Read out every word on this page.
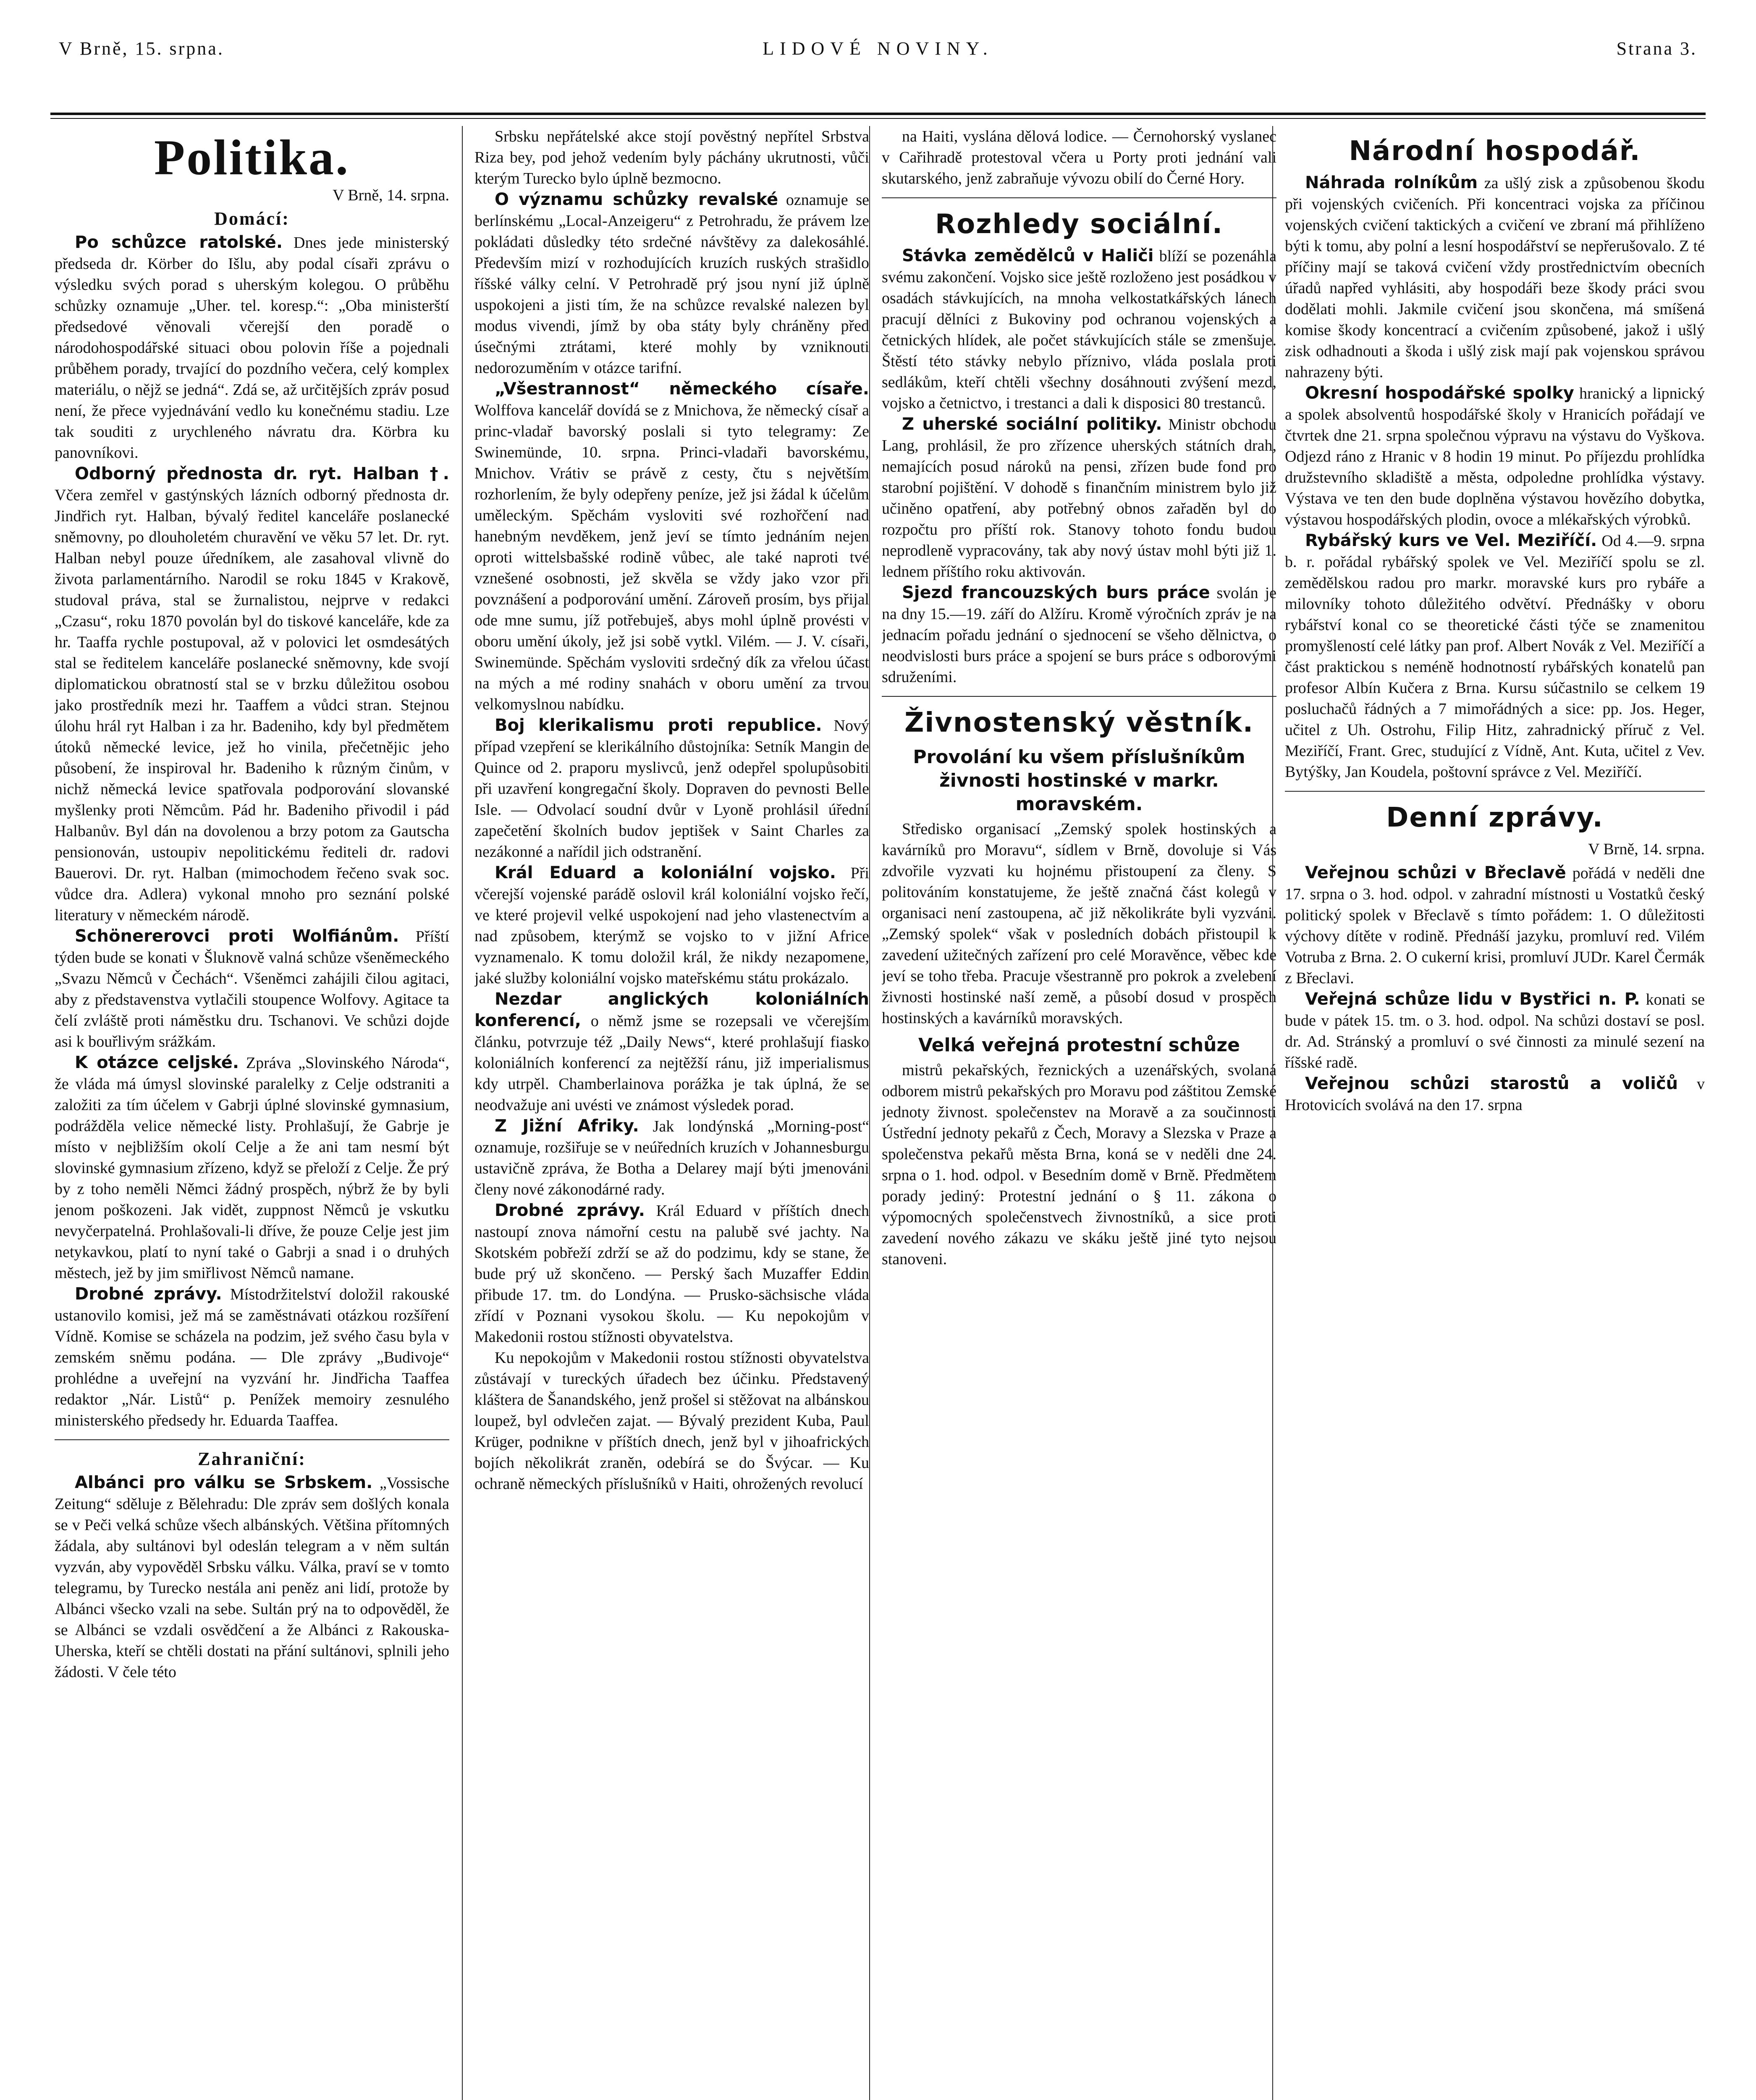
V Brně, 15. srpna.	LIDOVÉ NOVINY.	Strana 3.
Politika.
V Brně, 14. srpna.
Domácí:

Po schůzce ratolské. Dnes jede ministerský předseda dr. Körber do Išlu, aby podal císaři zprávu o výsledku svých porad s uherským kolegou. O průběhu schůzky oznamuje „Uher. tel. koresp.“: „Oba ministerští předsedové věnovali včerejší den poradě o národohospodářské situaci obou polovin říše a pojednali průběhem porady, trvající do pozdního večera, celý komplex materiálu, o nějž se jedná“. Zdá se, až určitějších zpráv posud není, že přece vyjednávání vedlo ku konečnému stadiu. Lze tak souditi z urychleného návratu dra. Körbra ku panovníkovi.

Odborný přednosta dr. ryt. Halban †. Včera zemřel v gastýnských lázních odborný přednosta dr. Jindřich ryt. Halban, bývalý ředitel kanceláře poslanecké sněmovny, po dlouholetém churavění ve věku 57 let. Dr. ryt. Halban nebyl pouze úředníkem, ale zasahoval vlivně do života parlamentárního. Narodil se roku 1845 v Krakově, studoval práva, stal se žurnalistou, nejprve v redakci „Czasu“, roku 1870 povolán byl do tiskové kanceláře, kde za hr. Taaffa rychle postupoval, až v polovici let osmdesátých stal se ředitelem kanceláře poslanecké sněmovny, kde svojí diplomatickou obratností stal se v brzku důležitou osobou jako prostředník mezi hr. Taaffem a vůdci stran. Stejnou úlohu hrál ryt Halban i za hr. Badeniho, kdy byl předmětem útoků německé levice, jež ho vinila, přečetnějic jeho působení, že inspiroval hr. Badeniho k různým činům, v nichž německá levice spatřovala podporování slovanské myšlenky proti Němcům. Pád hr. Badeniho přivodil i pád Halbanův. Byl dán na dovolenou a brzy potom za Gautscha pensionován, ustoupiv nepolitickému řediteli dr. radovi Bauerovi. Dr. ryt. Halban (mimochodem řečeno svak soc. vůdce dra. Adlera) vykonal mnoho pro seznání polské literatury v německém národě.

Schönererovci proti Wolfiánům. Příští týden bude se konati v Šluknově valná schůze všeněmeckého „Svazu Němců v Čechách“. Všeněmci zahájili čilou agitaci, aby z představenstva vytlačili stoupence Wolfovy. Agitace ta čelí zvláště proti náměstku dru. Tschanovi. Ve schůzi dojde asi k bouřlivým srážkám.

K otázce celjské. Zpráva „Slovinského Národa“, že vláda má úmysl slovinské paralelky z Celje odstraniti a založiti za tím účelem v Gabrji úplné slovinské gymnasium, podrážděla velice německé listy. Prohlašují, že Gabrje je místo v nejbližším okolí Celje a že ani tam nesmí být slovinské gymnasium zřízeno, když se přeloží z Celje. Že prý by z toho neměli Němci žádný prospěch, nýbrž že by byli jenom poškozeni. Jak vidět, zuppnost Němců je vskutku nevyčerpatelná. Prohlašovali-li dříve, že pouze Celje jest jim netykavkou, platí to nyní také o Gabrji a snad i o druhých městech, jež by jim smiřlivost Němců namane.

Drobné zprávy. Místodržitelství doložil rakouské ustanovilo komisi, jež má se zaměstnávati otázkou rozšíření Vídně. Komise se scházela na podzim, jež svého času byla v zemském sněmu podána. — Dle zprávy „Budivoje“ prohlédne a uveřejní na vyzvání hr. Jindřicha Taaffea redaktor „Nár. Listů“ p. Penížek memoiry zesnulého ministerského předsedy hr. Eduarda Taaffea.

Zahraniční:

Albánci pro válku se Srbskem. „Vossische Zeitung“ sděluje z Bělehradu: Dle zpráv sem došlých konala se v Peči velká schůze všech albánských. Většina přítomných žádala, aby sultánovi byl odeslán telegram a v něm sultán vyzván, aby vypověděl Srbsku válku. Válka, praví se v tomto telegramu, by Turecko nestála ani peněz ani lidí, protože by Albánci všecko vzali na sebe. Sultán prý na to odpověděl, že se Albánci se vzdali osvědčení a že Albánci z Rakouska-Uherska, kteří se chtěli dostati na přání sultánovi, splnili jeho žádosti. V čele této

Srbsku nepřátelské akce stojí pověstný nepřítel Srbstva Riza bey, pod jehož vedením byly páchány ukrutnosti, vůči kterým Turecko bylo úplně bezmocno.

O významu schůzky revalské oznamuje se berlínskému „Local-Anzeigeru“ z Petrohradu, že právem lze pokládati důsledky této srdečné návštěvy za dalekosáhlé. Především mizí v rozhodujících kruzích ruských strašidlo říšské války celní. V Petrohradě prý jsou nyní již úplně uspokojeni a jisti tím, že na schůzce revalské nalezen byl modus vivendi, jímž by oba státy byly chráněny před úsečnými ztrátami, které mohly by vzniknouti nedorozuměním v otázce tarifní.

„Všestrannost“ německého císaře. Wolffova kancelář dovídá se z Mnichova, že německý císař a princ-vladař bavorský poslali si tyto telegramy: Ze Swinemünde, 10. srpna. Princi-vladaři bavorskému, Mnichov. Vrátiv se právě z cesty, čtu s největším rozhorlením, že byly odepřeny peníze, jež jsi žádal k účelům uměleckým. Spěchám vysloviti své rozhořčení nad hanebným nevděkem, jenž jeví se tímto jednáním nejen oproti wittelsbašské rodině vůbec, ale také naproti tvé vznešené osobnosti, jež skvěla se vždy jako vzor při povznášení a podporování umění. Zároveň prosím, bys přijal ode mne sumu, jíž potřebuješ, abys mohl úplně provésti v oboru umění úkoly, jež jsi sobě vytkl. Vilém. — J. V. císaři, Swinemünde. Spěchám vysloviti srdečný dík za vřelou účast na mých a mé rodiny snahách v oboru umění za trvou velkomyslnou nabídku.

Boj klerikalismu proti republice. Nový případ vzepření se klerikálního důstojníka: Setník Mangin de Quince od 2. praporu myslivců, jenž odepřel spolupůsobiti při uzavření kongregační školy. Dopraven do pevnosti Belle Isle. — Odvolací soudní dvůr v Lyoně prohlásil úřední zapečetění školních budov jeptišek v Saint Charles za nezákonné a nařídil jich odstranění.

Král Eduard a koloniální vojsko. Při včerejší vojenské parádě oslovil král koloniální vojsko řečí, ve které projevil velké uspokojení nad jeho vlastenectvím a nad způsobem, kterýmž se vojsko to v jižní Africe vyznamenalo. K tomu doložil král, že nikdy nezapomene, jaké služby koloniální vojsko mateřskému státu prokázalo.

Nezdar anglických koloniálních konferencí, o němž jsme se rozepsali ve včerejším článku, potvrzuje též „Daily News“, které prohlašují fiasko koloniálních konferencí za nejtěžší ránu, již imperialismus kdy utrpěl. Chamberlainova porážka je tak úplná, že se neodvažuje ani uvésti ve známost výsledek porad.

Z Jižní Afriky. Jak londýnská „Morning-post“ oznamuje, rozšiřuje se v neúředních kruzích v Johannesburgu ustavičně zpráva, že Botha a Delarey mají býti jmenováni členy nové zákonodárné rady.

Drobné zprávy. Král Eduard v příštích dnech nastoupí znova námořní cestu na palubě své jachty. Na Skotském pobřeží zdrží se až do podzimu, kdy se stane, že bude prý už skončeno. — Perský šach Muzaffer Eddin přibude 17. tm. do Londýna. — Prusko-sächsische vláda zřídí v Poznani vysokou školu. — Ku nepokojům v Makedonii rostou stížnosti obyvatelstva.

Ku nepokojům v Makedonii rostou stížnosti obyvatelstva zůstávají v tureckých úřadech bez účinku. Představený kláštera de Šanandského, jenž prošel si stěžovat na albánskou loupež, byl odvlečen zajat. — Bývalý prezident Kuba, Paul Krüger, podnikne v příštích dnech, jenž byl v jihoafrických bojích několikrát zraněn, odebírá se do Švýcar. — Ku ochraně německých příslušníků v Haiti, ohrožených revolucí

na Haiti, vyslána dělová lodice. — Černohorský vyslanec v Cařihradě protestoval včera u Porty proti jednání vali skutarského, jenž zabraňuje vývozu obilí do Černé Hory.

Rozhledy sociální.

Stávka zemědělců v Haliči blíží se pozenáhla svému zakončení. Vojsko sice ještě rozloženo jest posádkou v osadách stávkujících, na mnoha velkostatkářských lánech pracují dělníci z Bukoviny pod ochranou vojenských a četnických hlídek, ale počet stávkujících stále se zmenšuje. Štěstí této stávky nebylo příznivo, vláda poslala proti sedlákům, kteří chtěli všechny dosáhnouti zvýšení mezd, vojsko a četnictvo, i trestanci a dali k disposici 80 trestanců.

Z uherské sociální politiky. Ministr obchodu Lang, prohlásil, že pro zřízence uherských státních drah, nemajících posud nároků na pensi, zřízen bude fond pro starobní pojištění. V dohodě s finančním ministrem bylo již učiněno opatření, aby potřebný obnos zařaděn byl do rozpočtu pro příští rok. Stanovy tohoto fondu budou neprodleně vypracovány, tak aby nový ústav mohl býti již 1. lednem příštího roku aktivován.

Sjezd francouzských burs práce svolán je na dny 15.—19. září do Alžíru. Kromě výročních zpráv je na jednacím pořadu jednání o sjednocení se všeho dělnictva, o neodvislosti burs práce a spojení se burs práce s odborovými sdruženími.

Živnostenský věstník.
Provolání ku všem příslušníkům živnosti hostinské v markr. moravském.

Středisko organisací „Zemský spolek hostinských a kavárníků pro Moravu“, sídlem v Brně, dovoluje si Vás zdvořile vyzvati ku hojnému přistoupení za členy. S politováním konstatujeme, že ještě značná část kolegů v organisaci není zastoupena, ač již několikráte byli vyzváni. „Zemský spolek“ však v posledních dobách přistoupil k zavedení užitečných zařízení pro celé Moravěnce, věbec kde jeví se toho třeba. Pracuje všestranně pro pokrok a zvelebení živnosti hostinské naší země, a působí dosud v prospěch hostinských a kavárníků moravských.

Velká veřejná protestní schůze

mistrů pekařských, řeznických a uzenářských, svolaná odborem mistrů pekařských pro Moravu pod záštitou Zemské jednoty živnost. společenstev na Moravě a za součinnosti Ústřední jednoty pekařů z Čech, Moravy a Slezska v Praze a společenstva pekařů města Brna, koná se v neděli dne 24. srpna o 1. hod. odpol. v Besedním domě v Brně. Předmětem porady jediný: Protestní jednání o § 11. zákona o výpomocných společenstvech živnostníků, a sice proti zavedení nového zákazu ve skáku ještě jiné tyto nejsou stanoveni.

Národní hospodář.

Náhrada rolníkům za ušlý zisk a způsobenou škodu při vojenských cvičeních. Při koncentraci vojska za příčinou vojenských cvičení taktických a cvičení ve zbraní má přihlíženo býti k tomu, aby polní a lesní hospodářství se nepřerušovalo. Z té příčiny mají se taková cvičení vždy prostřednictvím obecních úřadů napřed vyhlásiti, aby hospodáři beze škody práci svou dodělati mohli. Jakmile cvičení jsou skončena, má smíšená komise škody koncentrací a cvičením způsobené, jakož i ušlý zisk odhadnouti a škoda i ušlý zisk mají pak vojenskou správou nahrazeny býti.

Okresní hospodářské spolky hranický a lipnický a spolek absolventů hospodářské školy v Hranicích pořádají ve čtvrtek dne 21. srpna společnou výpravu na výstavu do Vyškova. Odjezd ráno z Hranic v 8 hodin 19 minut. Po příjezdu prohlídka družstevního skladiště a města, odpoledne prohlídka výstavy. Výstava ve ten den bude doplněna výstavou hovězího dobytka, výstavou hospodářských plodin, ovoce a mlékařských výrobků.

Rybářský kurs ve Vel. Meziříčí. Od 4.—9. srpna b. r. pořádal rybářský spolek ve Vel. Meziříčí spolu se zl. zemědělskou radou pro markr. moravské kurs pro rybáře a milovníky tohoto důležitého odvětví. Přednášky v oboru rybářství konal co se theoretické části týče se znamenitou promyšleností celé látky pan prof. Albert Novák z Vel. Meziříčí a část praktickou s neméně hodnotností rybářských konatelů pan profesor Albín Kučera z Brna. Kursu súčastnilo se celkem 19 posluchačů řádných a 7 mimořádných a sice: pp. Jos. Heger, učitel z Uh. Ostrohu, Filip Hitz, zahradnický příruč z Vel. Meziříčí, Frant. Grec, studující z Vídně, Ant. Kuta, učitel z Vev. Bytýšky, Jan Koudela, poštovní správce z Vel. Meziříčí.

Denní zprávy.
V Brně, 14. srpna.

Veřejnou schůzi v Břeclavě pořádá v neděli dne 17. srpna o 3. hod. odpol. v zahradní místnosti u Vostatků český politický spolek v Břeclavě s tímto pořádem: 1. O důležitosti výchovy dítěte v rodině. Přednáší jazyku, promluví red. Vilém Votruba z Brna. 2. O cukerní krisi, promluví JUDr. Karel Čermák z Břeclavi.

Veřejná schůze lidu v Bystřici n. P. konati se bude v pátek 15. tm. o 3. hod. odpol. Na schůzi dostaví se posl. dr. Ad. Stránský a promluví o své činnosti za minulé sezení na říšské radě.

Veřejnou schůzi starostů a voličů v Hrotovicích svolává na den 17. srpna
